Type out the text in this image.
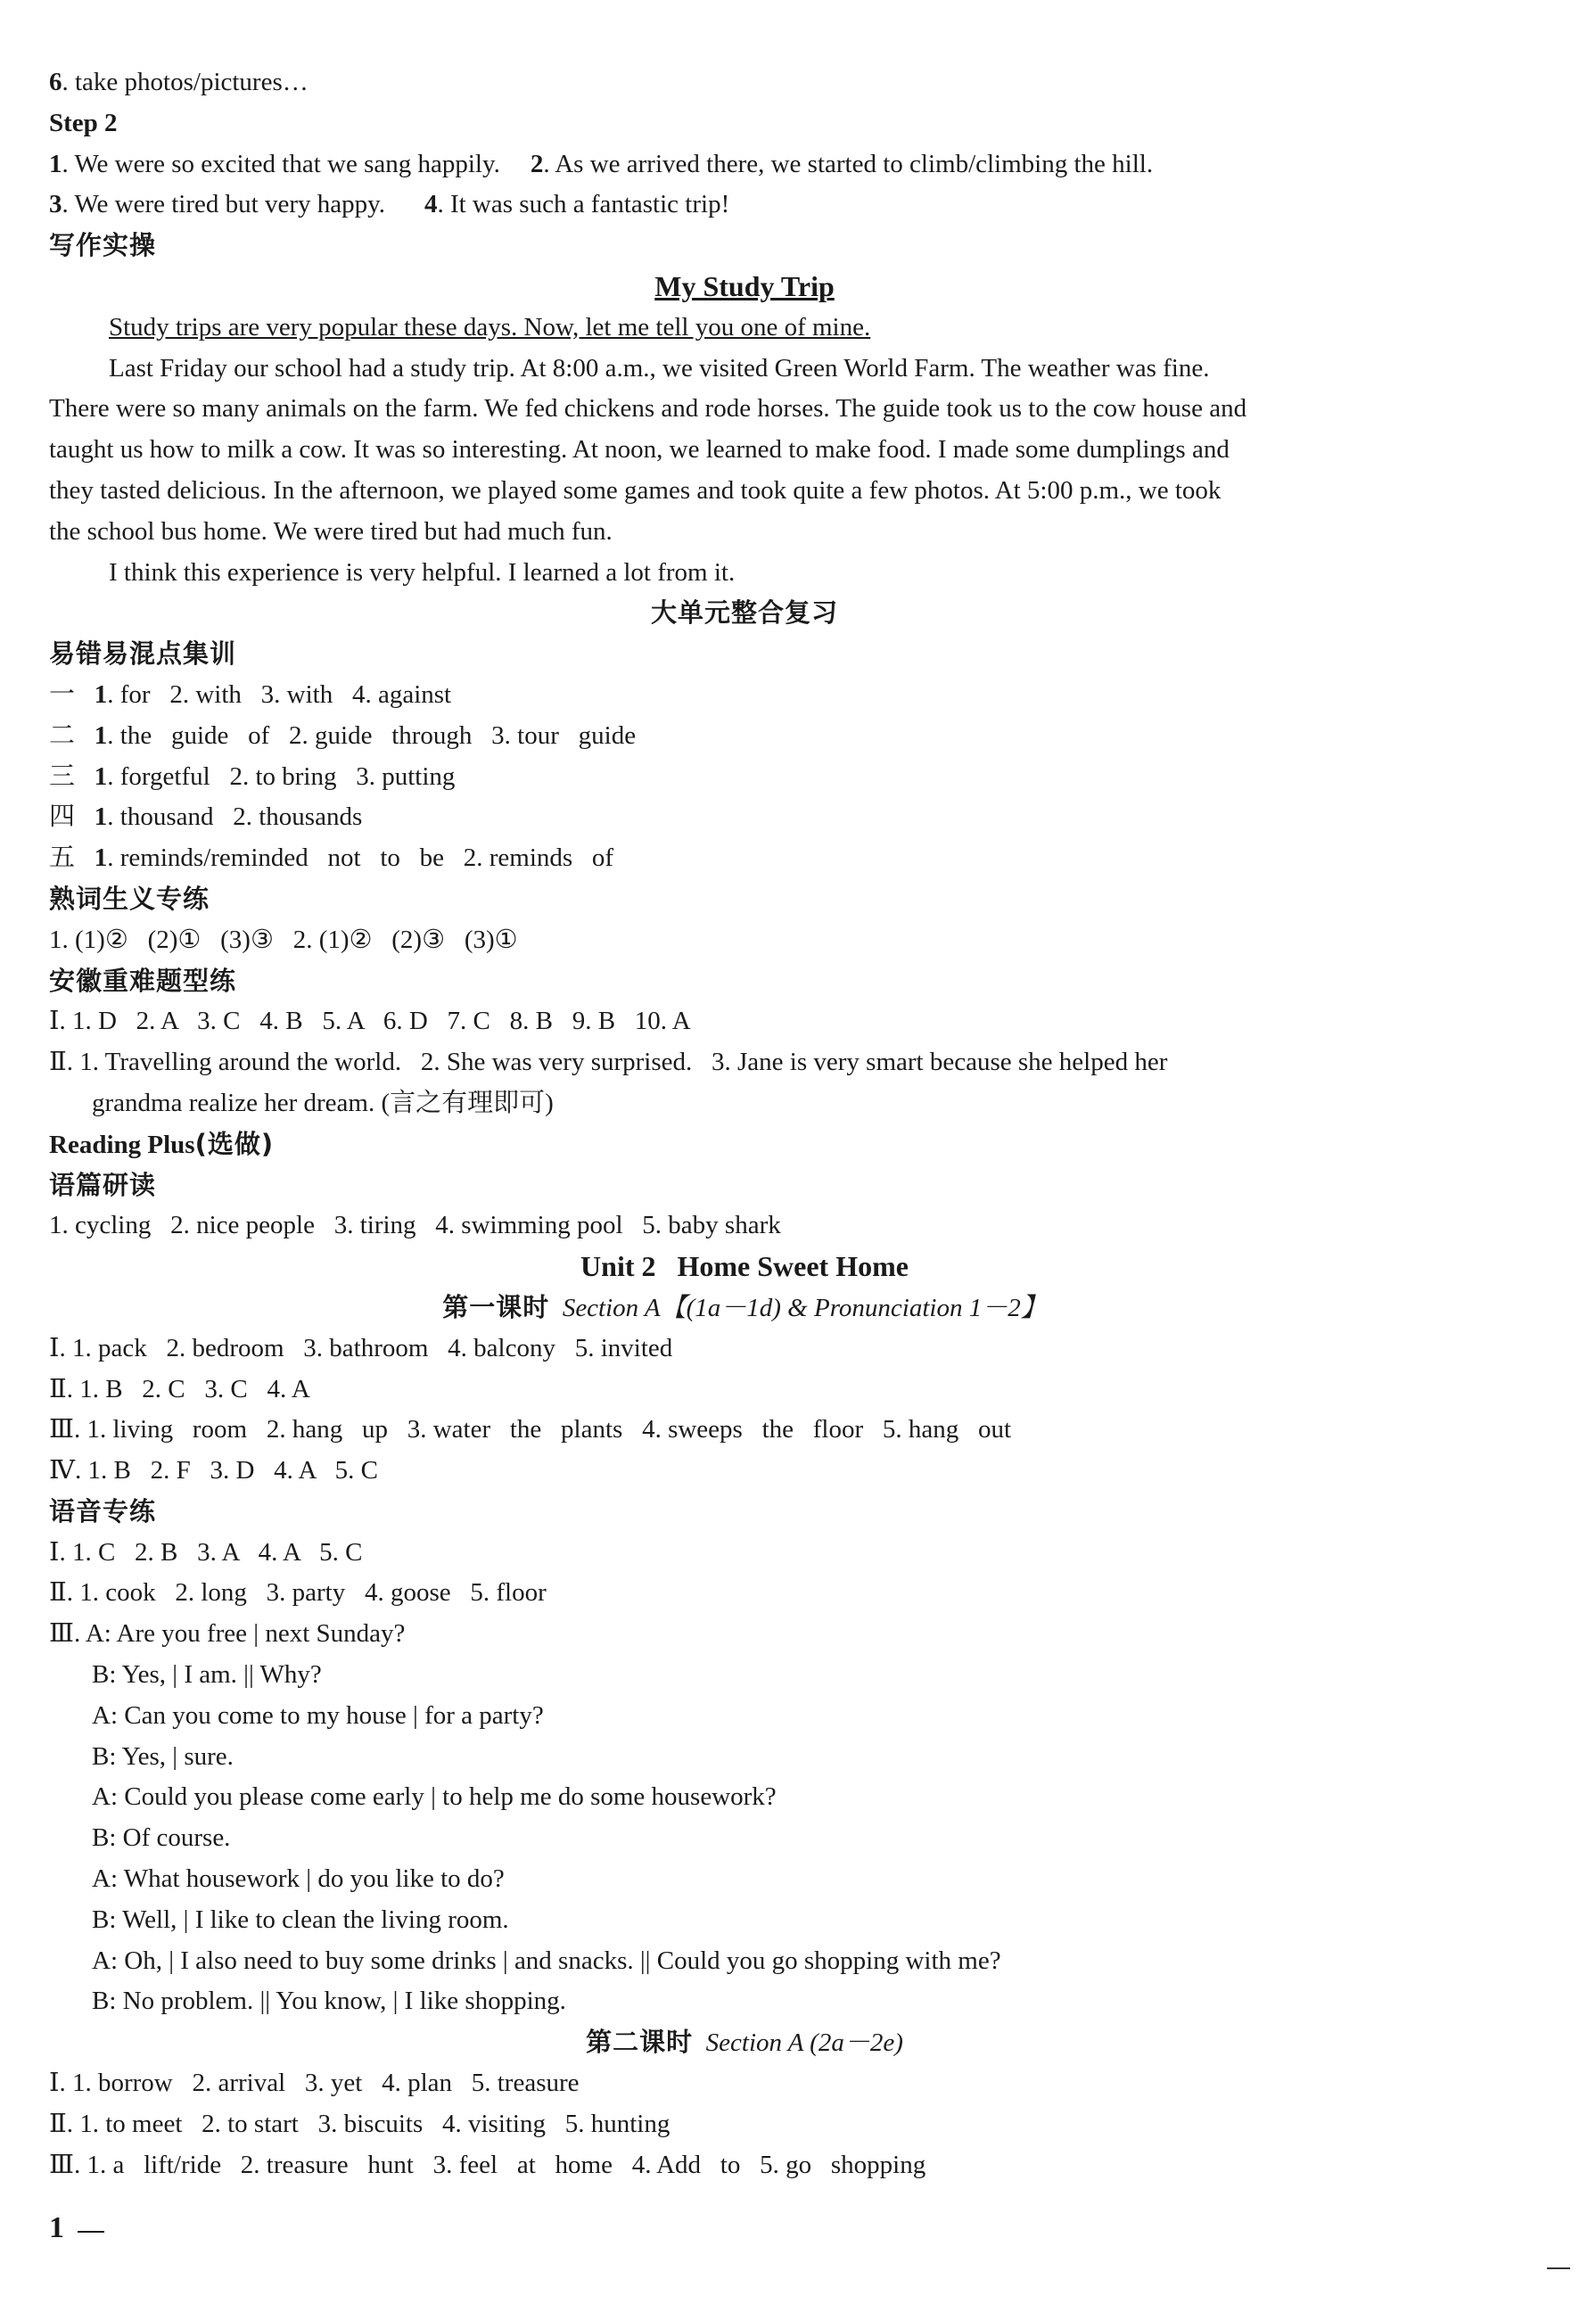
6. take photos/pictures…
Step 2
1. We were so excited that we sang happily. 2. As we arrived there, we started to climb/climbing the hill.
3. We were tired but very happy. 4. It was such a fantastic trip!
写作实操
My Study Trip
Study trips are very popular these days. Now, let me tell you one of mine.
Last Friday our school had a study trip. At 8:00 a.m., we visited Green World Farm. The weather was fine.
There were so many animals on the farm. We fed chickens and rode horses. The guide took us to the cow house and
taught us how to milk a cow. It was so interesting. At noon, we learned to make food. I made some dumplings and
they tasted delicious. In the afternoon, we played some games and took quite a few photos. At 5:00 p.m., we took
the school bus home. We were tired but had much fun.
I think this experience is very helpful. I learned a lot from it.
大单元整合复习
易错易混点集训
一 1. for   2. with   3. with   4. against
二 1. the   guide   of   2. guide   through   3. tour   guide
三 1. forgetful   2. to bring   3. putting
四 1. thousand   2. thousands
五 1. reminds/reminded   not   to   be   2. reminds   of
熟词生义专练
1. (1)②   (2)①   (3)③   2. (1)②   (2)③   (3)①
安徽重难题型练
Ⅰ. 1. D   2. A   3. C   4. B   5. A   6. D   7. C   8. B   9. B   10. A
Ⅱ. 1. Travelling around the world.   2. She was very surprised.   3. Jane is very smart because she helped her
grandma realize her dream. (言之有理即可)
Reading Plus(选做)
语篇研读
1. cycling   2. nice people   3. tiring   4. swimming pool   5. baby shark
Unit 2   Home Sweet Home
第一课时 Section A【(1a－1d) & Pronunciation 1－2】
Ⅰ. 1. pack   2. bedroom   3. bathroom   4. balcony   5. invited
Ⅱ. 1. B   2. C   3. C   4. A
Ⅲ. 1. living   room   2. hang   up   3. water   the   plants   4. sweeps   the   floor   5. hang   out
Ⅳ. 1. B   2. F   3. D   4. A   5. C
语音专练
Ⅰ. 1. C   2. B   3. A   4. A   5. C
Ⅱ. 1. cook   2. long   3. party   4. goose   5. floor
Ⅲ. A: Are you free | next Sunday?
B: Yes, | I am. || Why?
A: Can you come to my house | for a party?
B: Yes, | sure.
A: Could you please come early | to help me do some housework?
B: Of course.
A: What housework | do you like to do?
B: Well, | I like to clean the living room.
A: Oh, | I also need to buy some drinks | and snacks. || Could you go shopping with me?
B: No problem. || You know, | I like shopping.
第二课时 Section A (2a－2e)
Ⅰ. 1. borrow   2. arrival   3. yet   4. plan   5. treasure
Ⅱ. 1. to meet   2. to start   3. biscuits   4. visiting   5. hunting
Ⅲ. 1. a   lift/ride   2. treasure   hunt   3. feel   at   home   4. Add   to   5. go   shopping
1
